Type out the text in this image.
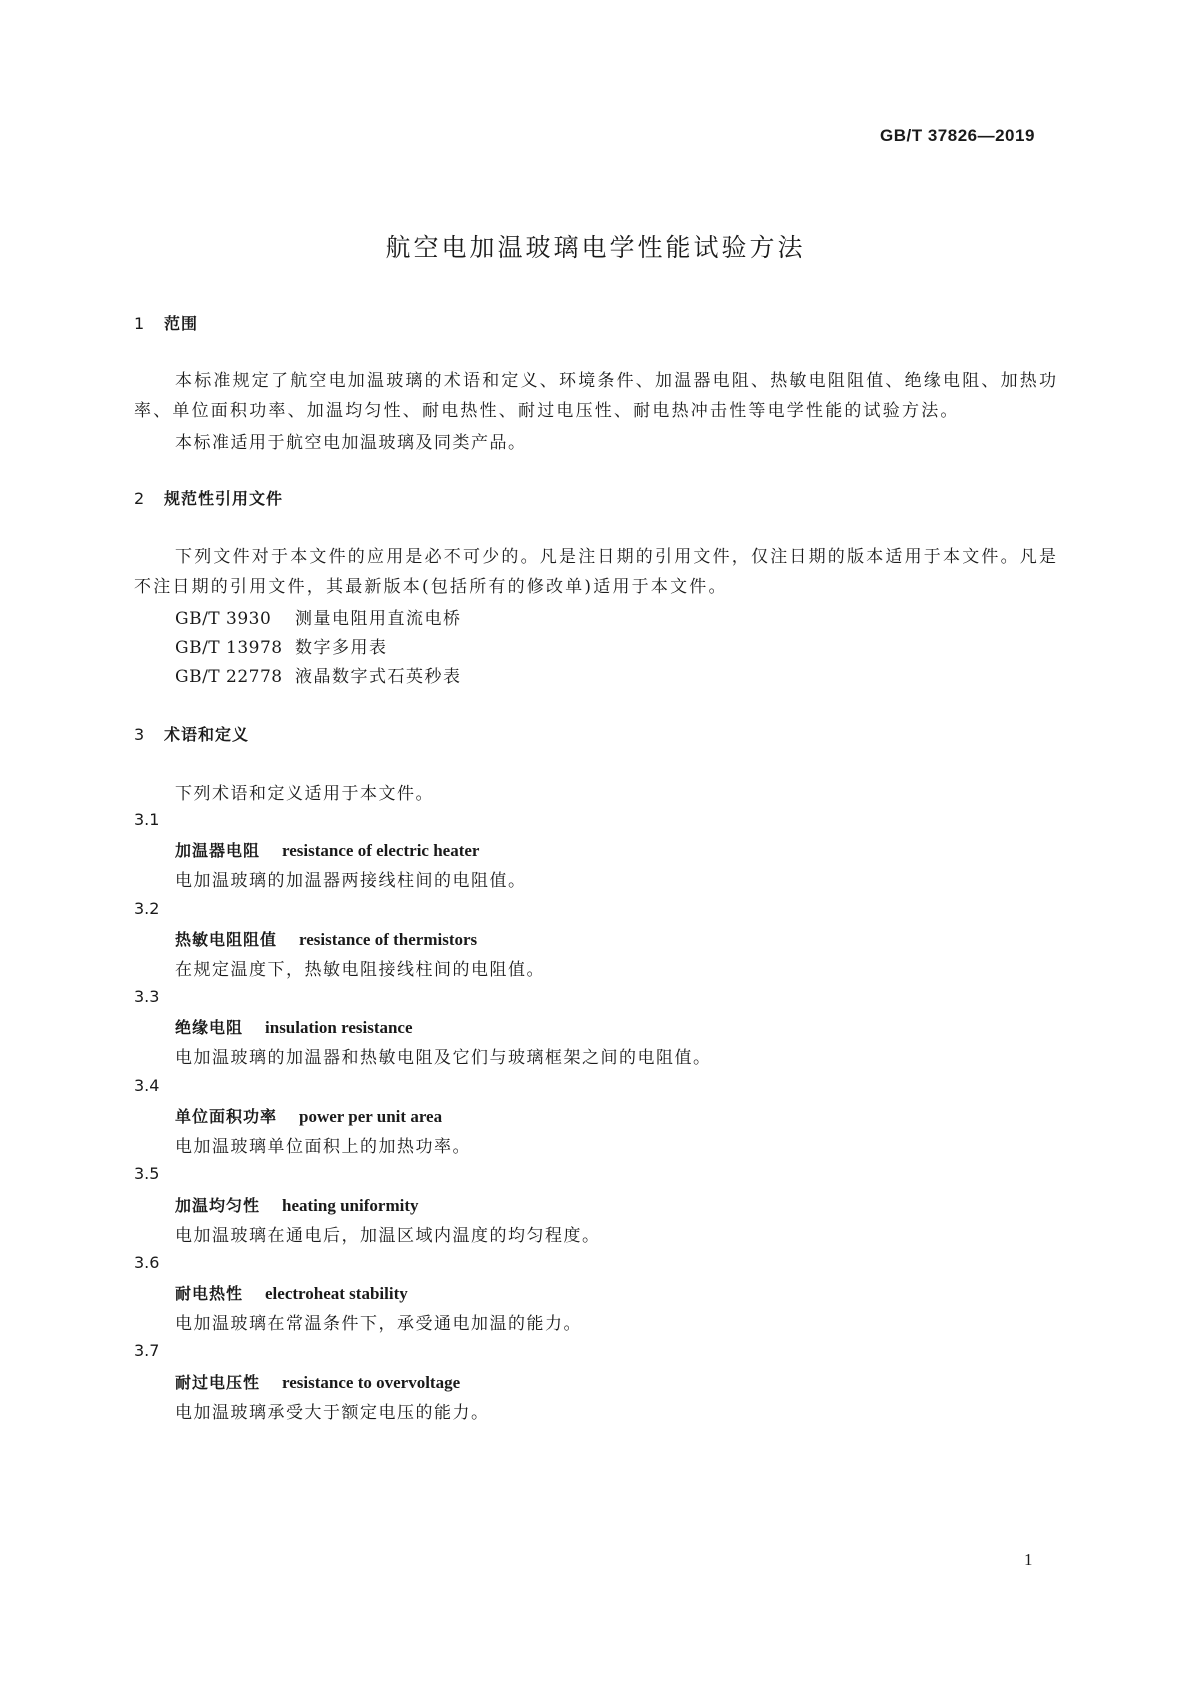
GB/T 37826—2019
航空电加温玻璃电学性能试验方法
1 范围
本标准规定了航空电加温玻璃的术语和定义、环境条件、加温器电阻、热敏电阻阻值、绝缘电阻、加热功率、单位面积功率、加温均匀性、耐电热性、耐过电压性、耐电热冲击性等电学性能的试验方法。
本标准适用于航空电加温玻璃及同类产品。
2 规范性引用文件
下列文件对于本文件的应用是必不可少的。凡是注日期的引用文件，仅注日期的版本适用于本文件。凡是不注日期的引用文件，其最新版本(包括所有的修改单)适用于本文件。
GB/T 3930 测量电阻用直流电桥
GB/T 13978 数字多用表
GB/T 22778 液晶数字式石英秒表
3 术语和定义
下列术语和定义适用于本文件。
3.1
加温器电阻 resistance of electric heater
电加温玻璃的加温器两接线柱间的电阻值。
3.2
热敏电阻阻值 resistance of thermistors
在规定温度下，热敏电阻接线柱间的电阻值。
3.3
绝缘电阻 insulation resistance
电加温玻璃的加温器和热敏电阻及它们与玻璃框架之间的电阻值。
3.4
单位面积功率 power per unit area
电加温玻璃单位面积上的加热功率。
3.5
加温均匀性 heating uniformity
电加温玻璃在通电后，加温区域内温度的均匀程度。
3.6
耐电热性 electroheat stability
电加温玻璃在常温条件下，承受通电加温的能力。
3.7
耐过电压性 resistance to overvoltage
电加温玻璃承受大于额定电压的能力。
1
